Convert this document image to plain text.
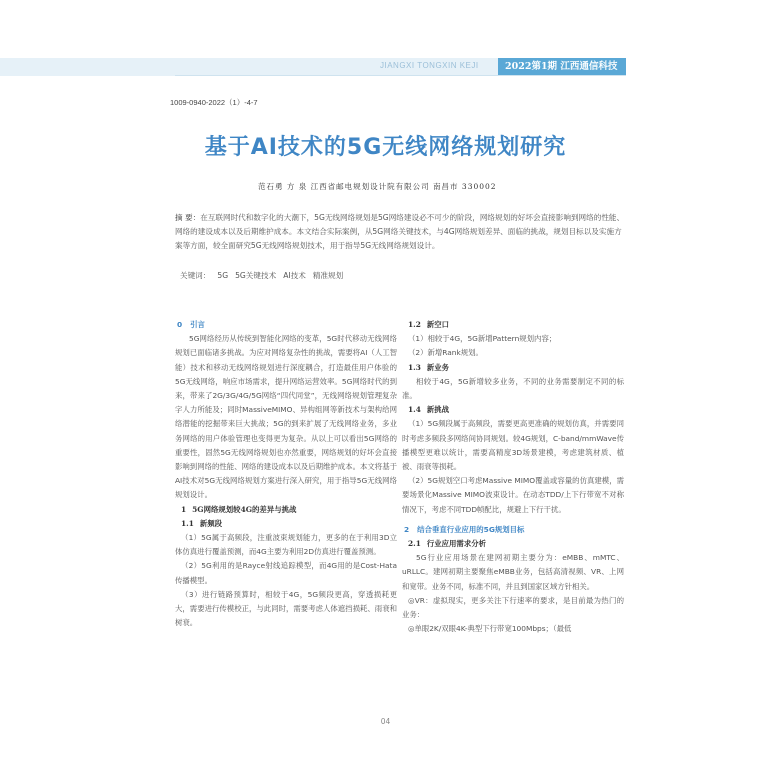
JIANGXI TONGXIN KEJI	2022第1期 江西通信科技
1009-0940-2022（1）-4-7
基于AI技术的5G无线网络规划研究
范石勇 方 泉 江西省邮电规划设计院有限公司 南昌市 330002
摘 要：在互联网时代和数字化的大潮下，5G无线网络规划是5G网络建设必不可少的阶段，网络规划的好坏会直接影响到网络的性能、网络的建设成本以及后期维护成本。本文结合实际案例，从5G网络关键技术，与4G网络规划差异、面临的挑战，规划目标以及实施方案等方面，较全面研究5G无线网络规划技术，用于指导5G无线网络规划设计。
关键词： 5G 5G关键技术 AI技术 精准规划
0 引言

5G网络经历从传统到智能化网络的变革，5G时代移动无线网络规划已面临诸多挑战。为应对网络复杂性的挑战，需要将AI（人工智能）技术和移动无线网络规划进行深度耦合，打造最佳用户体验的5G无线网络，响应市场需求，提升网络运营效率。5G网络时代的到来，带来了2G/3G/4G/5G网络“四代同堂”，无线网络规划管理复杂字人力所能及；同时MassiveMIMO、异构组网等新技术与架构给网络潜能的挖掘带来巨大挑战；5G的到来扩展了无线网络业务，多业务网络的用户体验管理也变得更为复杂。从以上可以看出5G网络的重要性，固然5G无线网络规划也亦然重要，网络规划的好坏会直接影响到网络的性能、网络的建设成本以及后期维护成本。本文将基于AI技术对5G无线网络规划方案进行深入研究，用于指导5G无线网络规划设计。

1 5G网络规划较4G的差异与挑战
1.1 新频段

（1）5G属于高频段，注重波束规划能力，更多的在于利用3D立体仿真进行覆盖预测，而4G主要为利用2D仿真进行覆盖预测。

（2）5G利用的是Rayce射线追踪模型，而4G用的是Cost-Hata传播模型。

（3）进行链路预算时，相较于4G，5G频段更高，穿透损耗更大，需要进行传模校正，与此同时，需要考虑人体遮挡损耗、雨衰和树衰。

1.2 新空口

（1）相较于4G，5G新增Pattern规划内容；

（2）新增Rank规划。

1.3 新业务

相较于4G，5G新增较多业务，不同的业务需要制定不同的标准。

1.4 新挑战

（1）5G频段属于高频段，需要更高更准确的规划仿真，并需要同时考虑多频段多网络间协同规划。较4G规划，C-band/mmWave传播模型更难以统计，需要高精度3D场景建模，考虑建筑材质、植被、雨衰等损耗。

（2）5G规划空口考虑Massive MIMO覆盖或容量的仿真建模，需要场景化Massive MIMO波束设计。在动态TDD/上下行带宽不对称情况下，考虑不同TDD帧配比，规避上下行干扰。

2 结合垂直行业应用的5G规划目标
2.1 行业应用需求分析

5G行业应用场景在建网初期主要分为：eMBB、mMTC、uRLLC。建网初期主要聚焦eMBB业务，包括高清视频、VR、上网和宽带。业务不同，标准不同，并且到国家区域方针相关。

◎VR：虚拟现实，更多关注下行速率的要求，是目前最为热门的业务：

◎单眼2K/双眼4K-典型下行带宽100Mbps；（最低

04
